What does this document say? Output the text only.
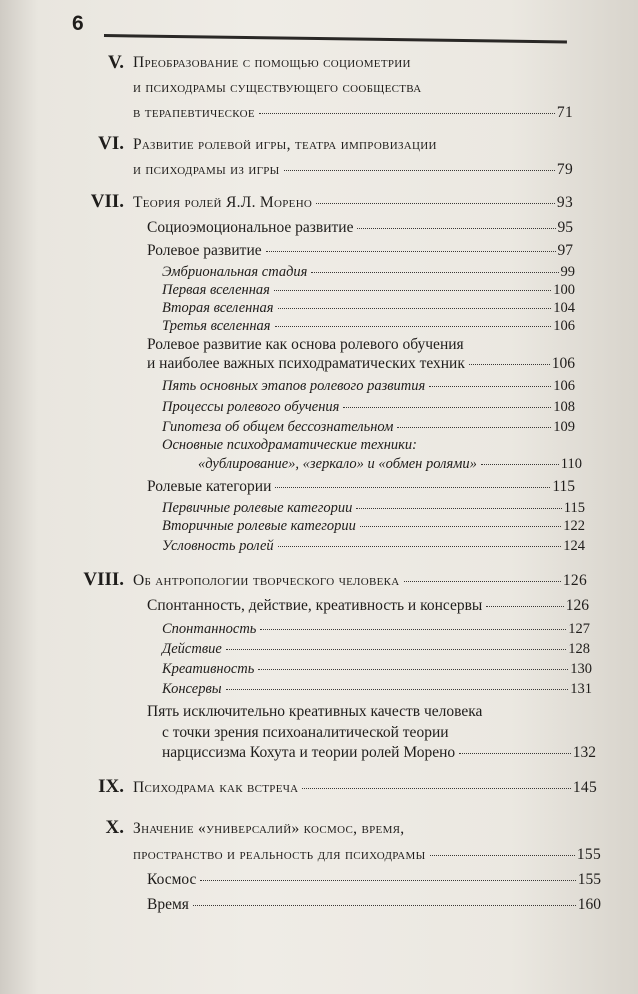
6
V. Преобразование с помощью социометрии
и психодрамы существующего сообщества
в терапевтическое	71
VI. Развитие ролевой игры, театра импровизации
и психодрамы из игры	79
VII. Теория ролей Я.Л. Морено	93
Социоэмоциональное развитие	95
Ролевое развитие	97
Эмбриональная стадия	99
Первая вселенная	100
Вторая вселенная	104
Третья вселенная	106
Ролевое развитие как основа ролевого обучения
и наиболее важных психодраматических техник	106
Пять основных этапов ролевого развития	106
Процессы ролевого обучения	108
Гипотеза об общем бессознательном	109
Основные психодраматические техники:
«дублирование», «зеркало» и «обмен ролями»	110
Ролевые категории	115
Первичные ролевые категории	115
Вторичные ролевые категории	122
Условность ролей	124
VIII. Об антропологии творческого человека	126
Спонтанность, действие, креативность и консервы	126
Спонтанность	127
Действие	128
Креативность	130
Консервы	131
Пять исключительно креативных качеств человека
с точки зрения психоаналитической теории
нарциссизма Кохута и теории ролей Морено	132
IX. Психодрама как встреча	145
X. Значение «универсалий» космос, время,
пространство и реальность для психодрамы	155
Космос	155
Время	160
